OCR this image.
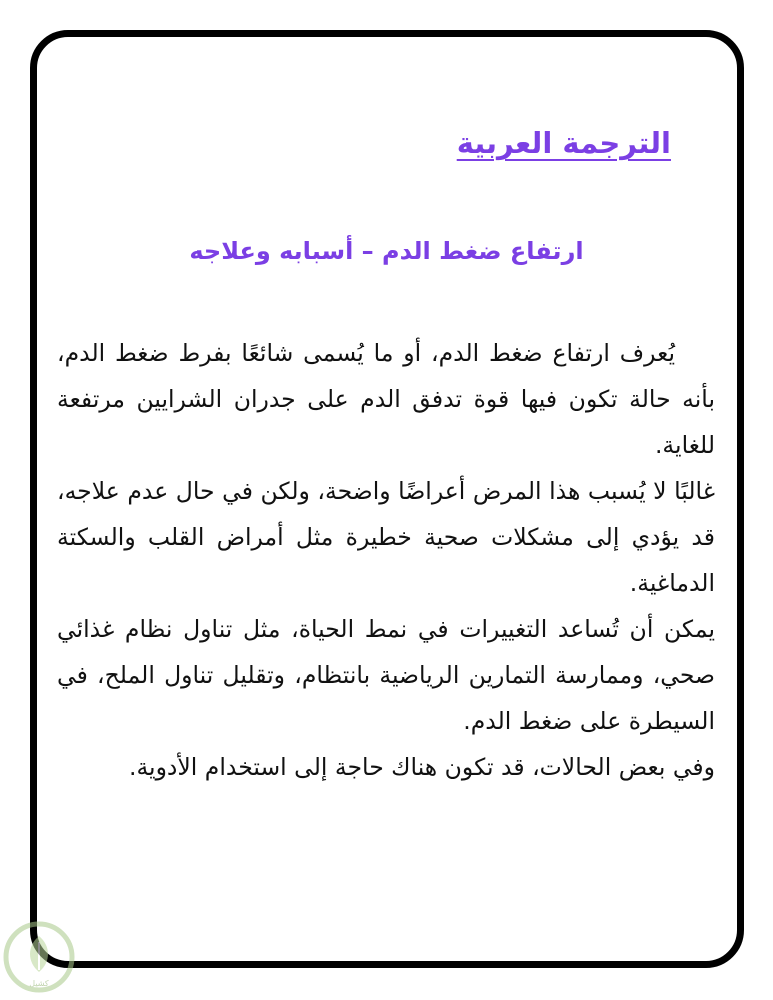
الترجمة العربية
ارتفاع ضغط الدم – أسبابه وعلاجه

يُعرف ارتفاع ضغط الدم، أو ما يُسمى شائعًا بفرط ضغط الدم، بأنه حالة تكون فيها قوة تدفق الدم على جدران الشرايين مرتفعة للغاية.

غالبًا لا يُسبب هذا المرض أعراضًا واضحة، ولكن في حال عدم علاجه، قد يؤدي إلى مشكلات صحية خطيرة مثل أمراض القلب والسكتة الدماغية.

يمكن أن تُساعد التغييرات في نمط الحياة، مثل تناول نظام غذائي صحي، وممارسة التمارين الرياضية بانتظام، وتقليل تناول الملح، في السيطرة على ضغط الدم.

وفي بعض الحالات، قد تكون هناك حاجة إلى استخدام الأدوية.

كشيل
